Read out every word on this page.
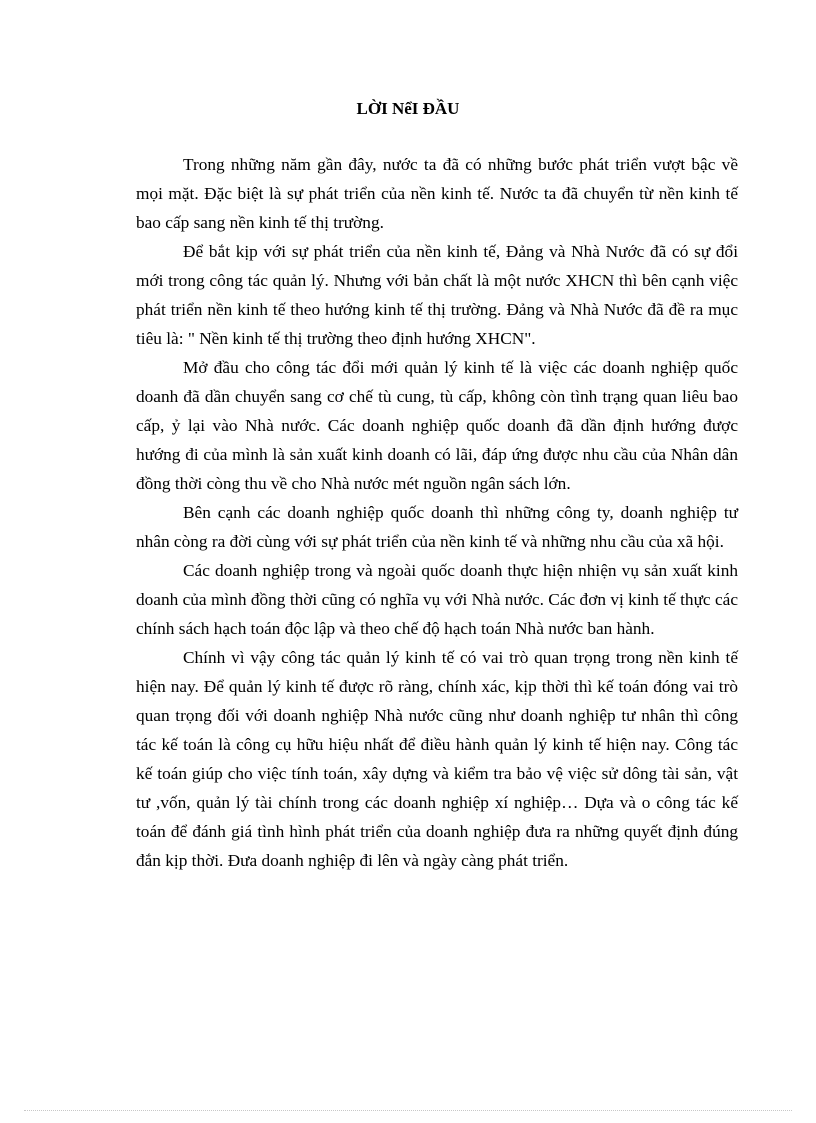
LỜI NểI ĐẦU

Trong những năm gần đây, nước ta đã có những bước phát triển vượt bậc về mọi mặt. Đặc biệt là sự phát triển của nền kinh tế. Nước ta đã chuyển từ nền kinh tế bao cấp sang nền kinh tế thị trường.

Để bắt kịp với sự phát triển của nền kinh tế, Đảng và Nhà Nước đã có sự đổi mới trong công tác quản lý. Nhưng với bản chất là một nước XHCN thì bên cạnh việc phát triển nền kinh tế theo hướng kinh tế thị trường. Đảng và Nhà Nước đã đề ra mục tiêu là: " Nền kinh tế thị trường theo định hướng XHCN".

Mở đầu cho công tác đổi mới quản lý kinh tế là việc các doanh nghiệp quốc doanh đã dần chuyển sang cơ chế tù cung, tù cấp, không còn tình trạng quan liêu bao cấp, ỷ lại vào Nhà nước. Các doanh nghiệp quốc doanh đã dần định hướng được hướng đi của mình là sản xuất kinh doanh có lãi, đáp ứng được nhu cầu của Nhân dân đồng thời còng thu về cho Nhà nước mét nguồn ngân sách lớn.

Bên cạnh các doanh nghiệp quốc doanh thì những công ty, doanh nghiệp tư nhân còng ra đời cùng với sự phát triển của nền kinh tế và những nhu cầu của xã hội.

Các doanh nghiệp trong và ngoài quốc doanh thực hiện nhiện vụ sản xuất kinh doanh của mình đồng thời cũng có nghĩa vụ với Nhà nước. Các đơn vị kinh tế thực các chính sách hạch toán độc lập và theo chế độ hạch toán Nhà nước ban hành.

Chính vì vậy công tác quản lý kinh tế có vai trò quan trọng trong nền kinh tế hiện nay. Để quản lý kinh tế được rõ ràng, chính xác, kịp thời thì kế toán đóng vai trò quan trọng đối với doanh nghiệp Nhà nước cũng như doanh nghiệp tư nhân thì công tác kế toán là công cụ hữu hiệu nhất để điều hành quản lý kinh tế hiện nay. Công tác kế toán giúp cho việc tính toán, xây dựng và kiểm tra bảo vệ việc sử dông tài sản, vật tư ,vốn, quản lý tài chính trong các doanh nghiệp xí nghiệp… Dựa và o công tác kế toán để đánh giá tình hình phát triển của doanh nghiệp đưa ra những quyết định đúng đắn kịp thời. Đưa doanh nghiệp đi lên và ngày càng phát triển.
